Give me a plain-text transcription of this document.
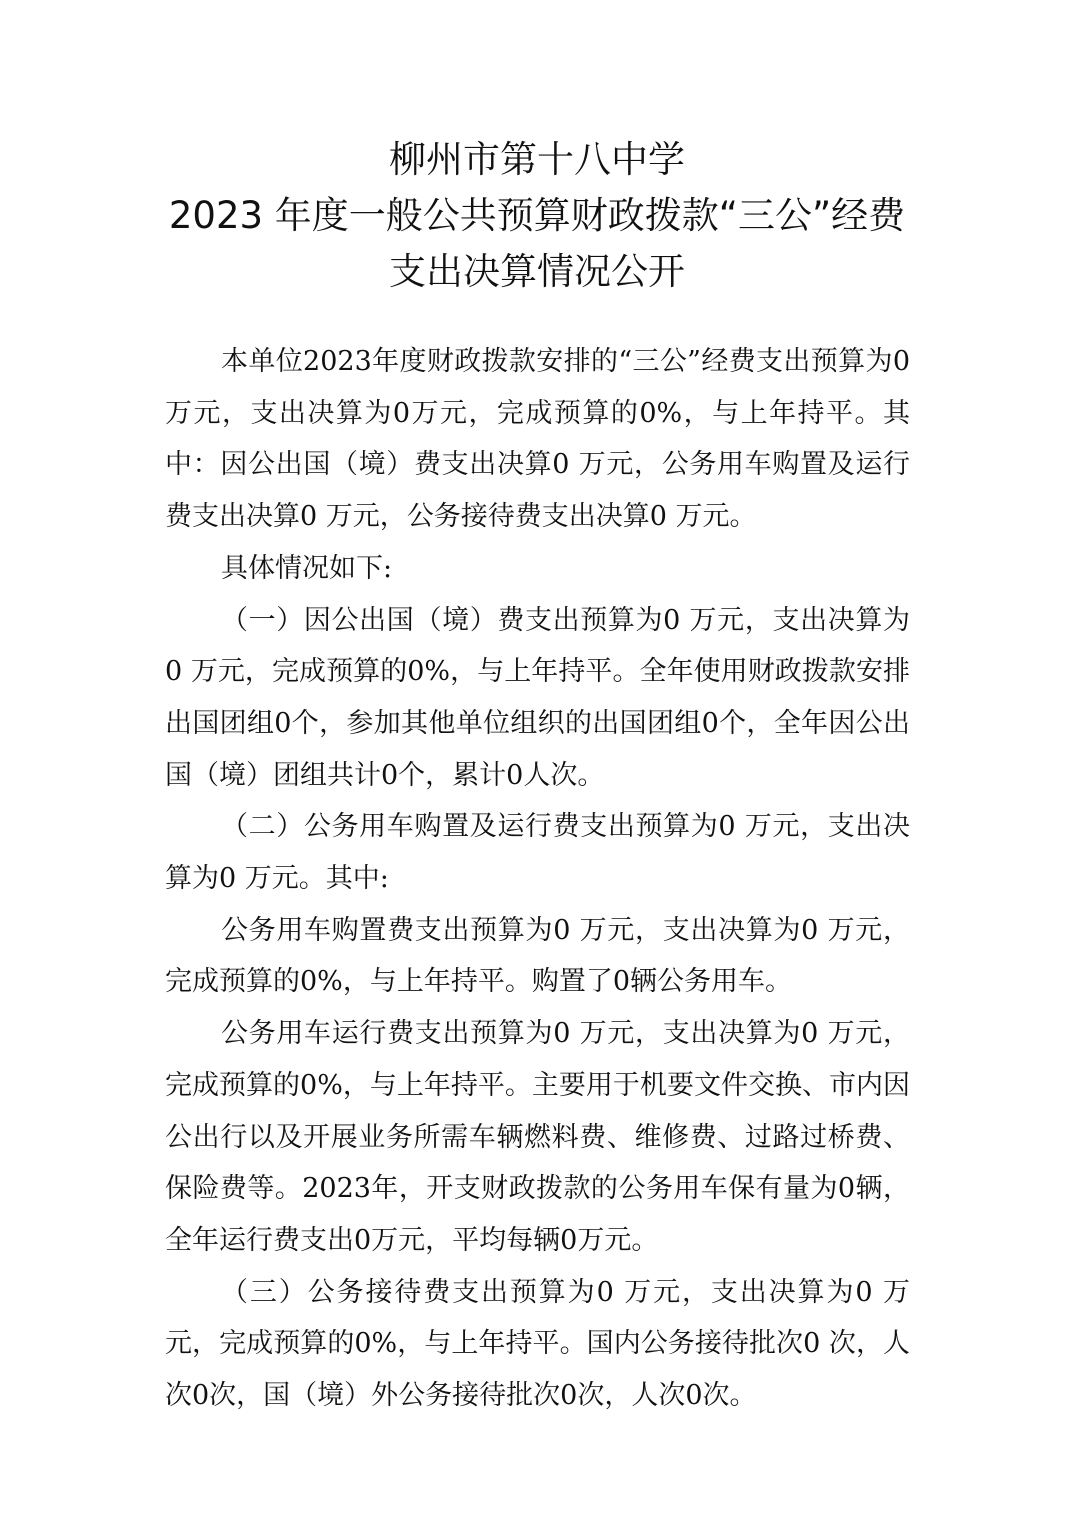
柳州市第十八中学
2023 年度一般公共预算财政拨款“三公”经费
支出决算情况公开

本单位2023年度财政拨款安排的“三公”经费支出预算为0万元，支出决算为0万元，完成预算的0%，与上年持平。其中：因公出国（境）费支出决算0 万元，公务用车购置及运行费支出决算0 万元，公务接待费支出决算0 万元。

具体情况如下:

（一）因公出国（境）费支出预算为0 万元，支出决算为0 万元，完成预算的0%，与上年持平。全年使用财政拨款安排出国团组0个，参加其他单位组织的出国团组0个，全年因公出国（境）团组共计0个，累计0人次。

（二）公务用车购置及运行费支出预算为0 万元，支出决算为0 万元。其中:

公务用车购置费支出预算为0 万元，支出决算为0 万元，完成预算的0%，与上年持平。购置了0辆公务用车。

公务用车运行费支出预算为0 万元，支出决算为0 万元，完成预算的0%，与上年持平。主要用于机要文件交换、市内因公出行以及开展业务所需车辆燃料费、维修费、过路过桥费、保险费等。2023年，开支财政拨款的公务用车保有量为0辆，全年运行费支出0万元，平均每辆0万元。

（三）公务接待费支出预算为0 万元，支出决算为0 万元，完成预算的0%，与上年持平。国内公务接待批次0 次，人次0次，国（境）外公务接待批次0次，人次0次。
